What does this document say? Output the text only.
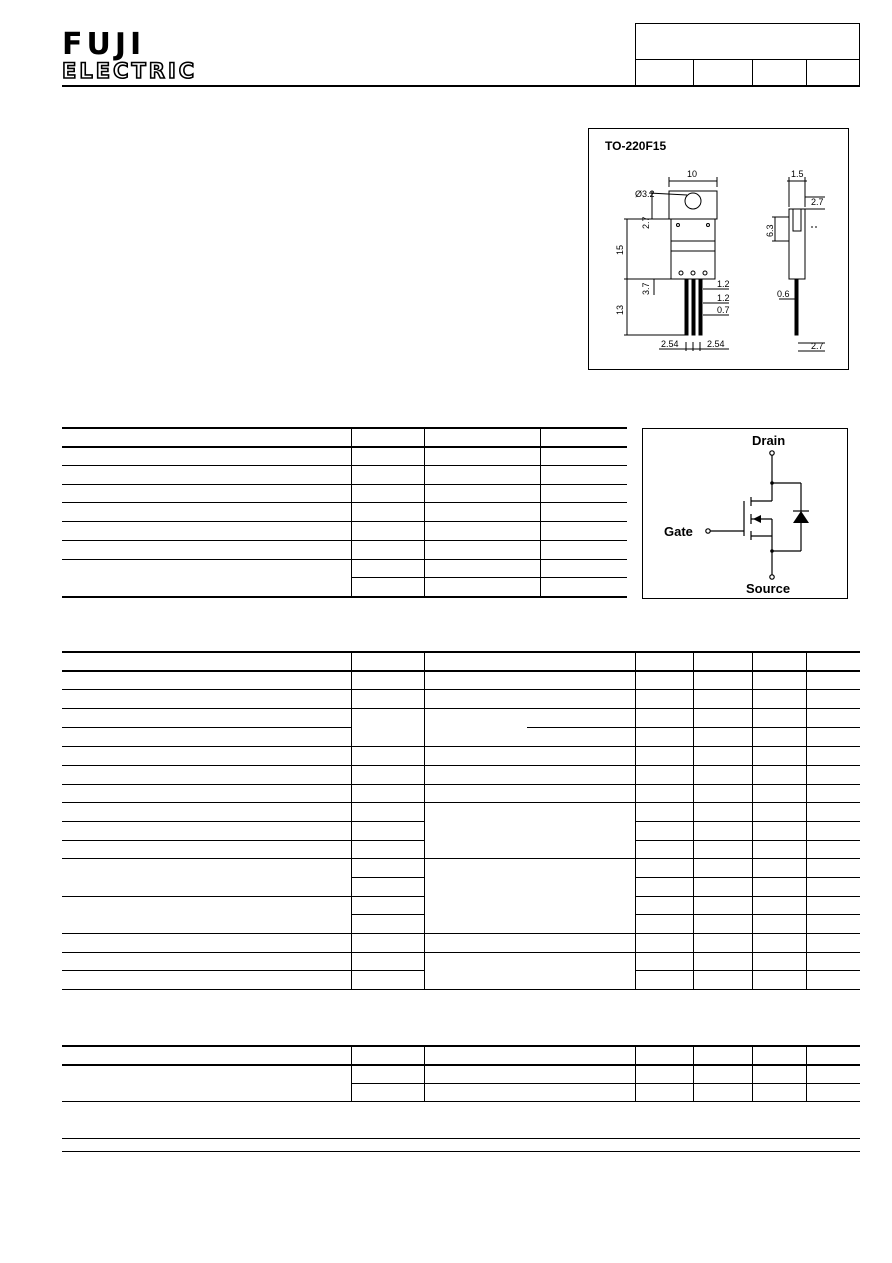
FUJI
ELECTRIC
TO-220F15
Ø3.2
10
2.7
15
3.7
13
2.54	2.54
1.2
1.2
0.7
1.5
2.7
6.3
0.6
2.7
Drain
Gate
Source
